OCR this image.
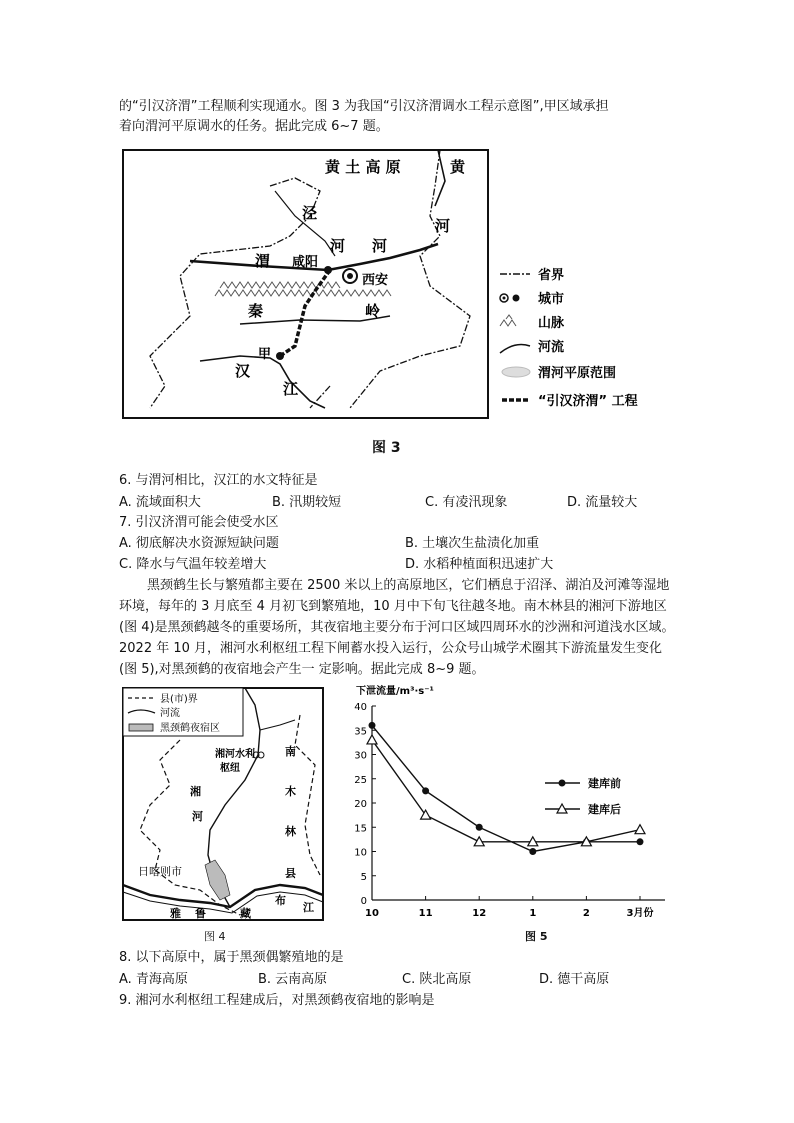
的“引汉济渭”工程顺利实现通水。图 3 为我国“引汉济渭调水工程示意图”,甲区域承担
着向渭河平原调水的任务。据此完成 6~7 题。
黄 土 高 原	黄
河
泾
河 河
渭 咸阳
西安
秦	岭
甲
汉
江
省界
城市
山脉
河流
渭河平原范围
“引汉济渭” 工程
图 3
6. 与渭河相比，汉江的水文特征是
A. 流域面积大	B. 汛期较短	C. 有凌汛现象	D. 流量较大
7. 引汉济渭可能会使受水区
A. 彻底解决水资源短缺问题	B. 土壤次生盐渍化加重
C. 降水与气温年较差增大	D. 水稻种植面积迅速扩大
黑颈鹤生长与繁殖都主要在 2500 米以上的高原地区，它们栖息于沼泽、湖泊及河滩等湿地环境，每年的 3 月底至 4 月初飞到繁殖地，10 月中下旬飞往越冬地。南木林县的湘河下游地区(图 4)是黑颈鹤越冬的重要场所，其夜宿地主要分布于河口区域四周环水的沙洲和河道浅水区域。2022 年 10 月，湘河水利枢纽工程下闸蓄水投入运行，公众号山城学术圈其下游流量发生变化(图 5),对黑颈鹤的夜宿地会产生一 定影响。据此完成 8~9 题。
县(市)界
河流
黑颈鹤夜宿区
湘河水利
枢纽
湘
河
南
木
林
县
日喀则市
雅 鲁	藏
布
江
图 4
下泄流量/m³·s⁻¹
0
5
10
15
20
25
30
35
40
10	11	12	1	2	3月份
建库前
建库后
图 5
8. 以下高原中，属于黑颈偶繁殖地的是
A. 青海高原	B. 云南高原	C. 陕北高原	D. 德干高原
9. 湘河水利枢纽工程建成后，对黑颈鹤夜宿地的影响是
